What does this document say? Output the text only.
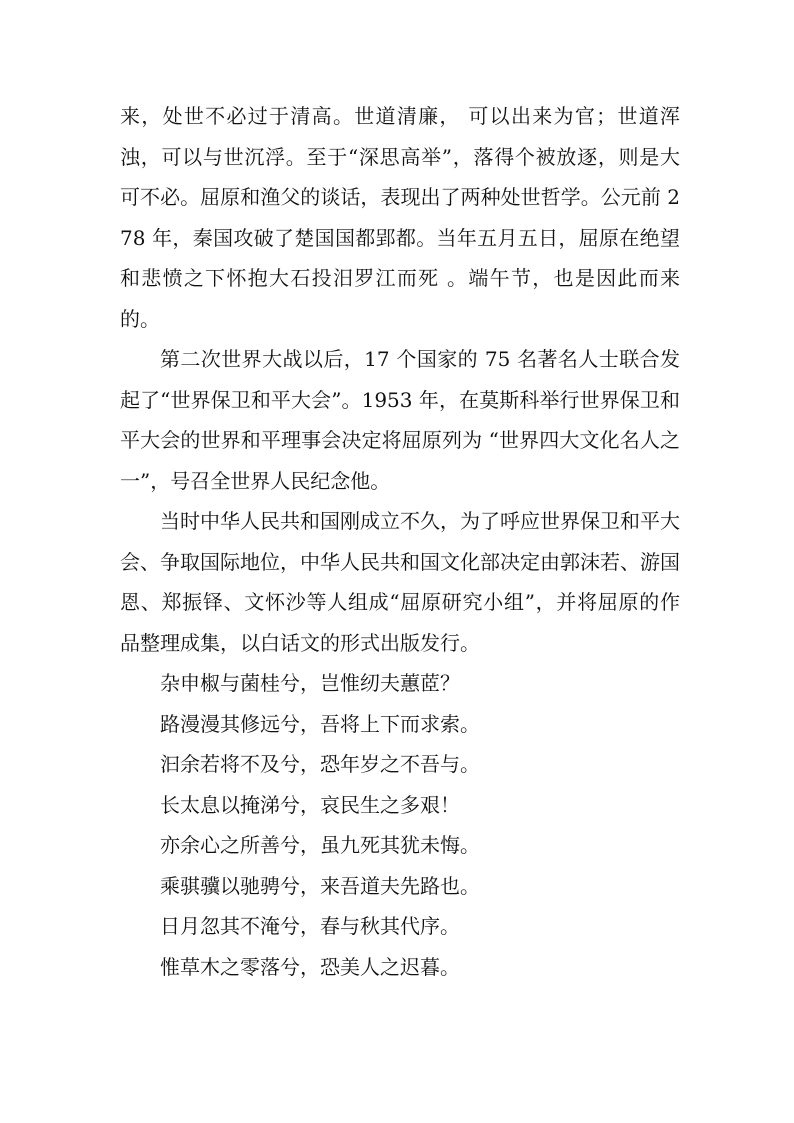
来，处世不必过于清高。世道清廉， 可以出来为官；世道浑浊，可以与世沉浮。至于“深思高举”，落得个被放逐，则是大可不必。屈原和渔父的谈话，表现出了两种处世哲学。公元前 278 年，秦国攻破了楚国国都郢都。当年五月五日，屈原在绝望和悲愤之下怀抱大石投汨罗江而死 。端午节，也是因此而来的。

第二次世界大战以后，17 个国家的 75 名著名人士联合发起了“世界保卫和平大会”。1953 年，在莫斯科举行世界保卫和平大会的世界和平理事会决定将屈原列为 “世界四大文化名人之一”，号召全世界人民纪念他。

当时中华人民共和国刚成立不久，为了呼应世界保卫和平大会、争取国际地位，中华人民共和国文化部决定由郭沫若、游国恩、郑振铎、文怀沙等人组成“屈原研究小组”，并将屈原的作品整理成集，以白话文的形式出版发行。

杂申椒与菌桂兮，岂惟纫夫蕙茝？
路漫漫其修远兮，吾将上下而求索。
汩余若将不及兮，恐年岁之不吾与。
长太息以掩涕兮，哀民生之多艰！
亦余心之所善兮，虽九死其犹未悔。
乘骐骥以驰骋兮，来吾道夫先路也。
日月忽其不淹兮，春与秋其代序。
惟草木之零落兮，恐美人之迟暮。
